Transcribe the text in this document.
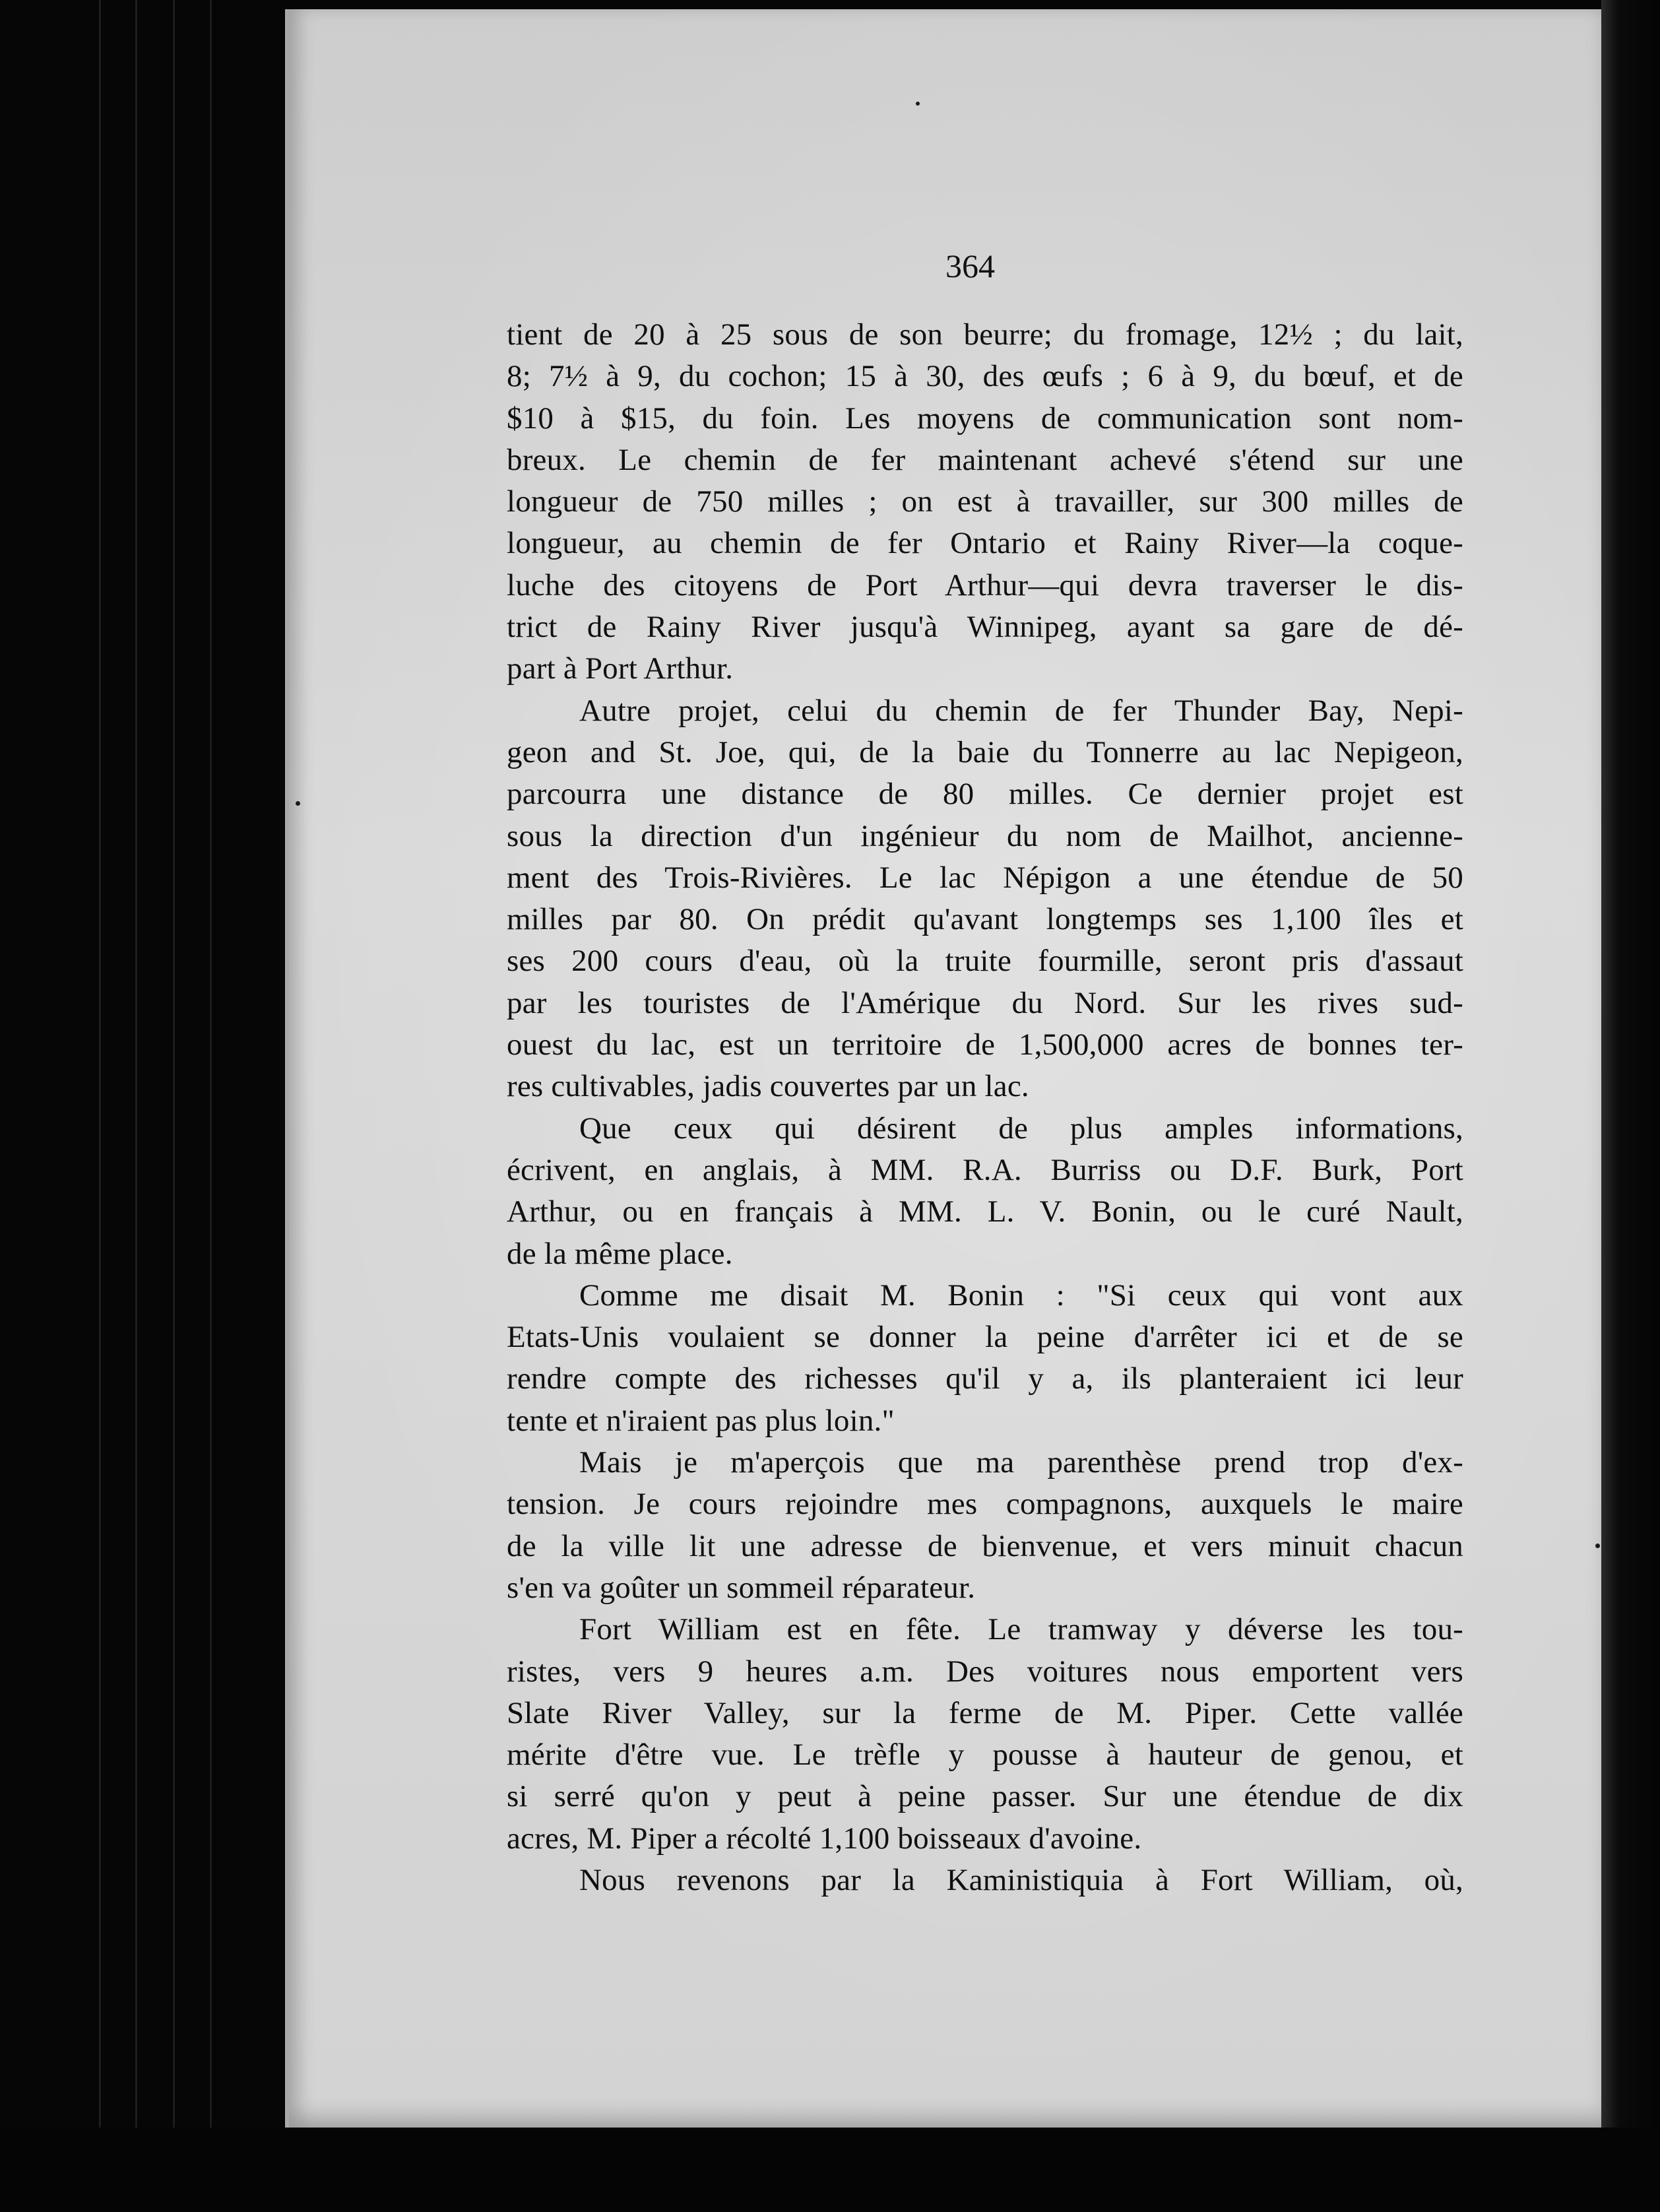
364
tient de 20 à 25 sous de son beurre; du fromage, 12½ ; du lait,
8; 7½ à 9, du cochon; 15 à 30, des œufs ; 6 à 9, du bœuf, et de
$10 à $15, du foin. Les moyens de communication sont nom-
breux. Le chemin de fer maintenant achevé s'étend sur une
longueur de 750 milles ; on est à travailler, sur 300 milles de
longueur, au chemin de fer Ontario et Rainy River—la coque-
luche des citoyens de Port Arthur—qui devra traverser le dis-
trict de Rainy River jusqu'à Winnipeg, ayant sa gare de dé-
part à Port Arthur.
Autre projet, celui du chemin de fer Thunder Bay, Nepi-
geon and St. Joe, qui, de la baie du Tonnerre au lac Nepigeon,
parcourra une distance de 80 milles. Ce dernier projet est
sous la direction d'un ingénieur du nom de Mailhot, ancienne-
ment des Trois-Rivières. Le lac Népigon a une étendue de 50
milles par 80. On prédit qu'avant longtemps ses 1,100 îles et
ses 200 cours d'eau, où la truite fourmille, seront pris d'assaut
par les touristes de l'Amérique du Nord. Sur les rives sud-
ouest du lac, est un territoire de 1,500,000 acres de bonnes ter-
res cultivables, jadis couvertes par un lac.
Que ceux qui désirent de plus amples informations,
écrivent, en anglais, à MM. R.A. Burriss ou D.F. Burk, Port
Arthur, ou en français à MM. L. V. Bonin, ou le curé Nault,
de la même place.
Comme me disait M. Bonin : "Si ceux qui vont aux
Etats-Unis voulaient se donner la peine d'arrêter ici et de se
rendre compte des richesses qu'il y a, ils planteraient ici leur
tente et n'iraient pas plus loin."
Mais je m'aperçois que ma parenthèse prend trop d'ex-
tension. Je cours rejoindre mes compagnons, auxquels le maire
de la ville lit une adresse de bienvenue, et vers minuit chacun
s'en va goûter un sommeil réparateur.
Fort William est en fête. Le tramway y déverse les tou-
ristes, vers 9 heures a.m. Des voitures nous emportent vers
Slate River Valley, sur la ferme de M. Piper. Cette vallée
mérite d'être vue. Le trèfle y pousse à hauteur de genou, et
si serré qu'on y peut à peine passer. Sur une étendue de dix
acres, M. Piper a récolté 1,100 boisseaux d'avoine.
Nous revenons par la Kaministiquia à Fort William, où,
